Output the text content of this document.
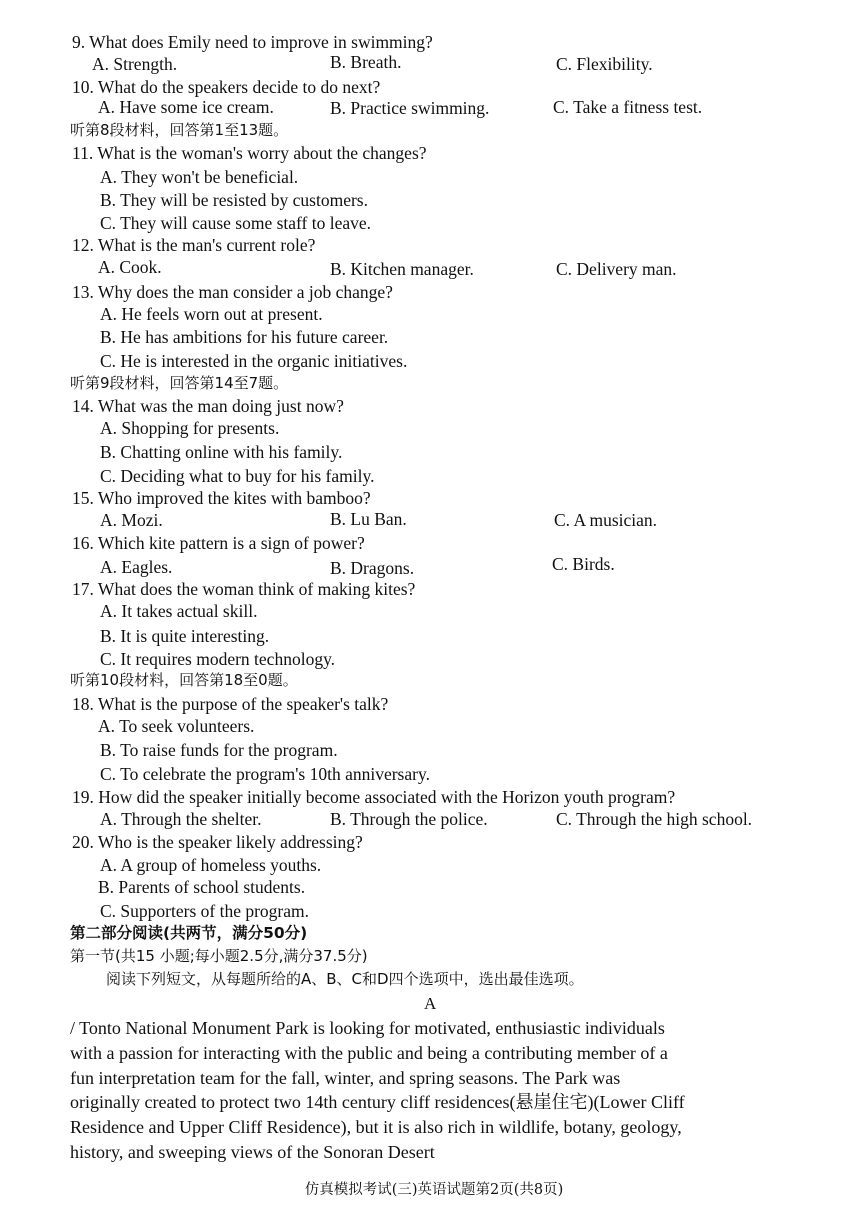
9. What does Emily need to improve in swimming?
A. Strength.	B. Breath.	C. Flexibility.
10. What do the speakers decide to do next?
A. Have some ice cream.	B. Practice swimming.	C. Take a fitness test.
听第8段材料，回答第1至13题。
11. What is the woman's worry about the changes?
A. They won't be beneficial.
B. They will be resisted by customers.
C. They will cause some staff to leave.
12. What is the man's current role?
A. Cook.	B. Kitchen manager.	C. Delivery man.
13. Why does the man consider a job change?
A. He feels worn out at present.
B. He has ambitions for his future career.
C. He is interested in the organic initiatives.
听第9段材料，回答第14至7题。
14. What was the man doing just now?
A. Shopping for presents.
B. Chatting online with his family.
C. Deciding what to buy for his family.
15. Who improved the kites with bamboo?
A. Mozi.	B. Lu Ban.	C. A musician.
16. Which kite pattern is a sign of power?
A. Eagles.	B. Dragons.	C. Birds.
17. What does the woman think of making kites?
A. It takes actual skill.
B. It is quite interesting.
C. It requires modern technology.
听第10段材料，回答第18至0题。
18. What is the purpose of the speaker's talk?
A. To seek volunteers.
B. To raise funds for the program.
C. To celebrate the program's 10th anniversary.
19. How did the speaker initially become associated with the Horizon youth program?
A. Through the shelter.	B. Through the police.	C. Through the high school.
20. Who is the speaker likely addressing?
A. A group of homeless youths.
B. Parents of school students.
C. Supporters of the program.
第二部分阅读(共两节，满分50分)
第一节(共15 小题;每小题2.5分,满分37.5分)
阅读下列短文，从每题所给的A、B、C和D四个选项中，选出最佳选项。
A

/ Tonto National Monument Park is looking for motivated, enthusiastic individuals

with a passion for interacting with the public and being a contributing member of a

fun interpretation team for the fall, winter, and spring seasons. The Park was

originally created to protect two 14th century cliff residences(悬崖住宅)(Lower Cliff

Residence and Upper Cliff Residence), but it is also rich in wildlife, botany, geology,

history, and sweeping views of the Sonoran Desert

仿真模拟考试(三)英语试题第2页(共8页)
